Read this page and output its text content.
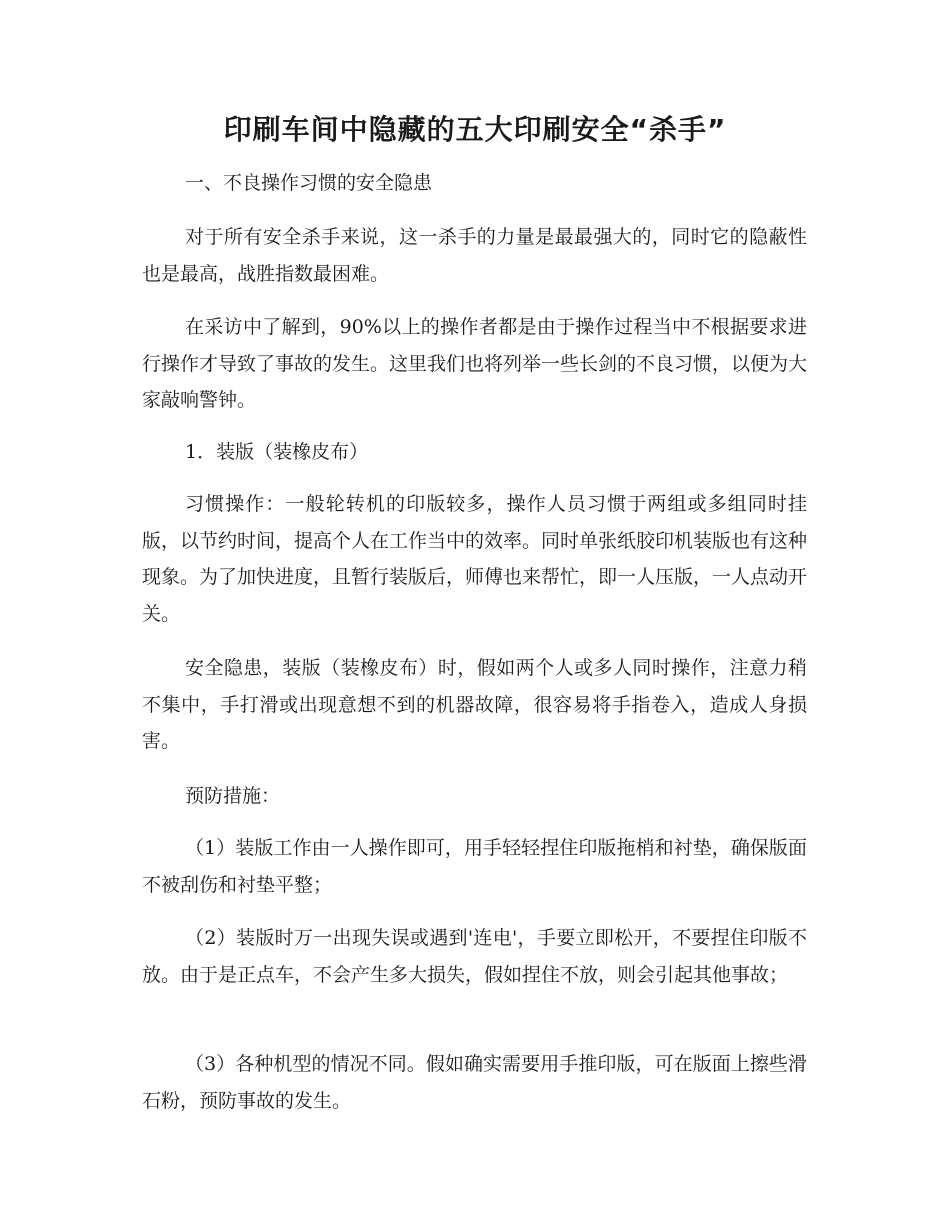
印刷车间中隐藏的五大印刷安全“杀手”

一、不良操作习惯的安全隐患

对于所有安全杀手来说，这一杀手的力量是最最强大的，同时它的隐蔽性也是最高，战胜指数最困难。

在采访中了解到，90%以上的操作者都是由于操作过程当中不根据要求进行操作才导致了事故的发生。这里我们也将列举一些长剑的不良习惯，以便为大家敲响警钟。

1．装版（装橡皮布）

习惯操作：一般轮转机的印版较多，操作人员习惯于两组或多组同时挂版，以节约时间，提高个人在工作当中的效率。同时单张纸胶印机装版也有这种现象。为了加快进度，且暂行装版后，师傅也来帮忙，即一人压版，一人点动开关。

安全隐患，装版（装橡皮布）时，假如两个人或多人同时操作，注意力稍不集中，手打滑或出现意想不到的机器故障，很容易将手指卷入，造成人身损害。

预防措施：

（1）装版工作由一人操作即可，用手轻轻捏住印版拖梢和衬垫，确保版面不被刮伤和衬垫平整；

（2）装版时万一出现失误或遇到'连电'，手要立即松开，不要捏住印版不放。由于是正点车，不会产生多大损失，假如捏住不放，则会引起其他事故；

（3）各种机型的情况不同。假如确实需要用手推印版，可在版面上擦些滑石粉，预防事故的发生。
